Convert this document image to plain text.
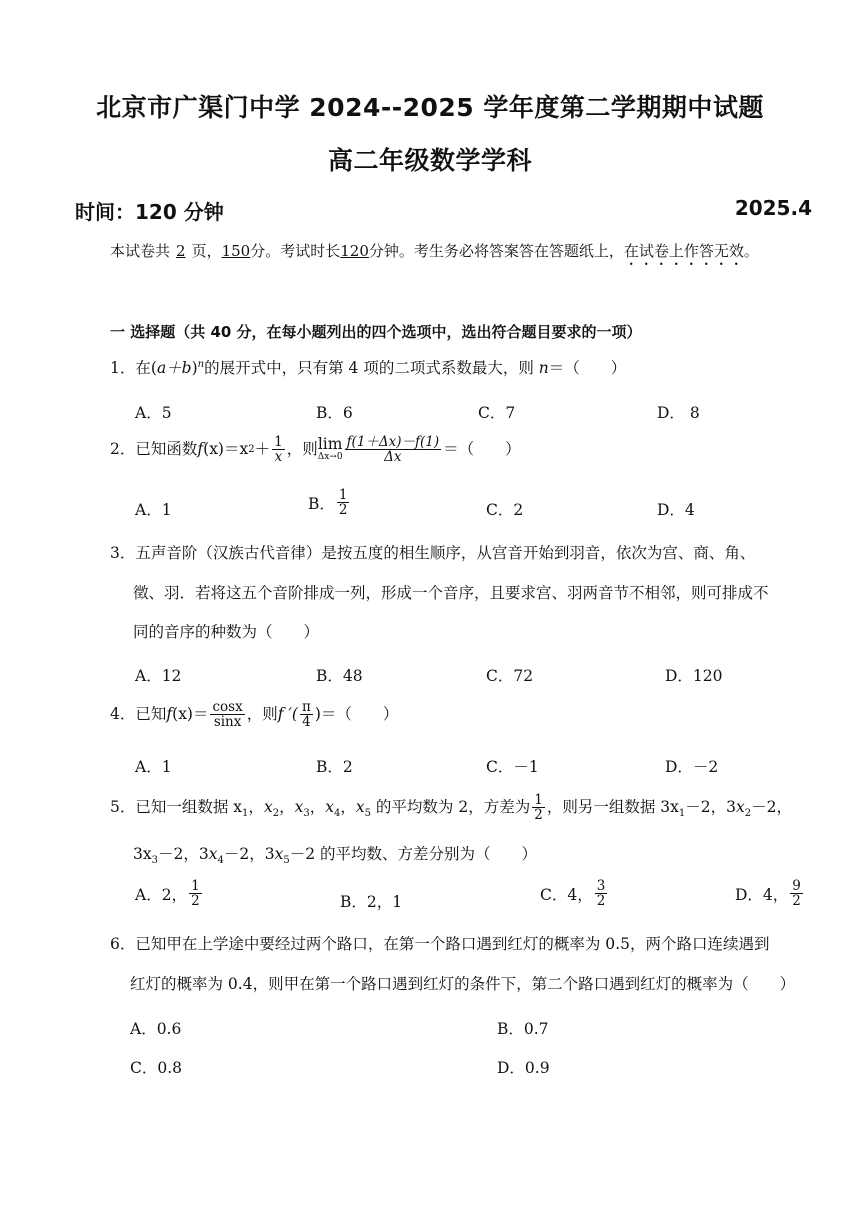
北京市广渠门中学 2024--2025 学年度第二学期期中试题
高二年级数学学科
时间：120 分钟	2025.4
本试卷共 2 页，150分。考试时长120分钟。考生务必将答案答在答题纸上，在试卷上作答无效。
一 选择题（共 40 分，在每小题列出的四个选项中，选出符合题目要求的一项）
1．在$(a+b)^n$的展开式中，只有第 4 项的二项式系数最大，则 n＝（　　）
A．5	B．6	C．7	D． 8
2． 已知函数 f (x)＝x $2 + \frac{1}{x}$ ，则 lim
$\Delta x\to 0 \frac{f(1+\Delta x)-f(1)}{\Delta x}$ ＝（　　）
A．1	B． $\frac{1}{2}$	C．2	D．4
3．五声音阶（汉族古代音律）是按五度的相生顺序，从宫音开始到羽音，依次为宫、商、角、
徵、羽．若将这五个音阶排成一列，形成一个音序，且要求宫、羽两音节不相邻，则可排成不
同的音序的种数为（　　）
A．12	B．48	C．72	D．120
4． 已知 f $(x)= \frac{\cos x}{\sin x}$ ，则 f ′( $\frac{\pi}{4}$ )＝（　　）
A．1	B．2	C．－1	D．－2
5． 已知一组数据 $x_1$，$x_2$，$x_3$，$x_4$，$x_5$ 的平均数为 2，方差为 $\frac{1}{2}$ ，则另一组数据 $3x_1-2$，$3x_2-2$，
$3x_3-2$，$3x_4-2$，$3x_5-2$ 的平均数、方差分别为（　　）
A．2， $\frac{1}{2}$	B．2，1	C．4， $\frac{3}{2}$	D．4， $\frac{9}{2}$
6．已知甲在上学途中要经过两个路口，在第一个路口遇到红灯的概率为 0.5，两个路口连续遇到
红灯的概率为 0.4，则甲在第一个路口遇到红灯的条件下，第二个路口遇到红灯的概率为（　　）
A．0.6	B．0.7
C．0.8	D．0.9
